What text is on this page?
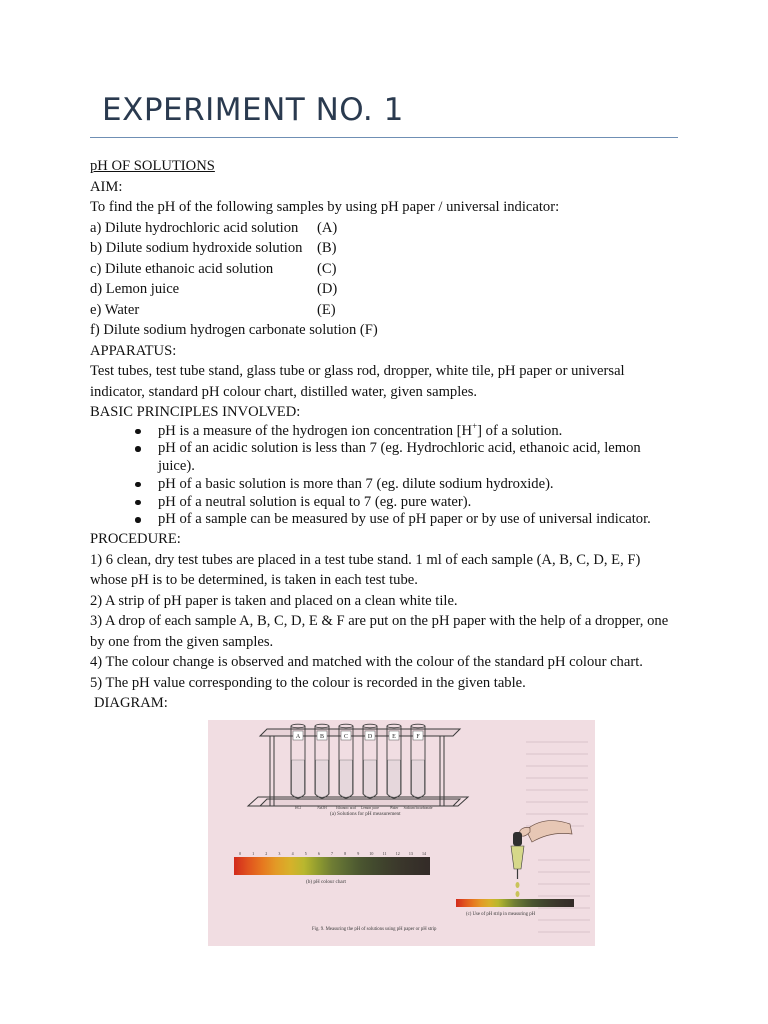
EXPERIMENT NO. 1
pH OF SOLUTIONS
AIM:
To find the pH of the following samples by using pH paper / universal indicator:
a) Dilute hydrochloric acid solution	(A)
b) Dilute sodium hydroxide solution (B)
c) Dilute ethanoic acid solution	(C)
d) Lemon juice	(D)
e) Water	(E)
f) Dilute sodium hydrogen carbonate solution (F)
APPARATUS:
Test tubes, test tube stand, glass tube or glass rod, dropper, white tile, pH paper or universal indicator, standard pH colour chart, distilled water, given samples.
BASIC PRINCIPLES INVOLVED:
pH is a measure of the hydrogen ion concentration [H+] of a solution.
pH of an acidic solution is less than 7 (eg. Hydrochloric acid, ethanoic acid, lemon juice).
pH of a basic solution is more than 7 (eg. dilute sodium hydroxide).
pH of a neutral solution is equal to 7 (eg. pure water).
pH of a sample can be measured by use of pH paper or by use of universal indicator.
PROCEDURE:
1) 6 clean, dry test tubes are placed in a test tube stand. 1 ml of each sample (A, B, C, D, E, F) whose pH is to be determined, is taken in each test tube.
2) A strip of pH paper is taken and placed on a clean white tile.
3) A drop of each sample A, B, C, D, E & F are put on the pH paper with the help of a dropper, one by one from the given samples.
4) The colour change is observed and matched with the colour of the standard pH colour chart.
5) The pH value corresponding to the colour is recorded in the given table.
DIAGRAM:
A
HCl
B
NaOH
C
Ethanoic acid
D
Lemon juice
E
Water
F
Sodium bicarbonate
(a) Solutions for pH measurement
0	1	2	3	4	5	6	7	8	9	10 11 12 13 14
(b) pH colour chart
(c) Use of pH strip in measuring pH
Fig. 9. Measuring the pH of solutions using pH paper or pH strip
